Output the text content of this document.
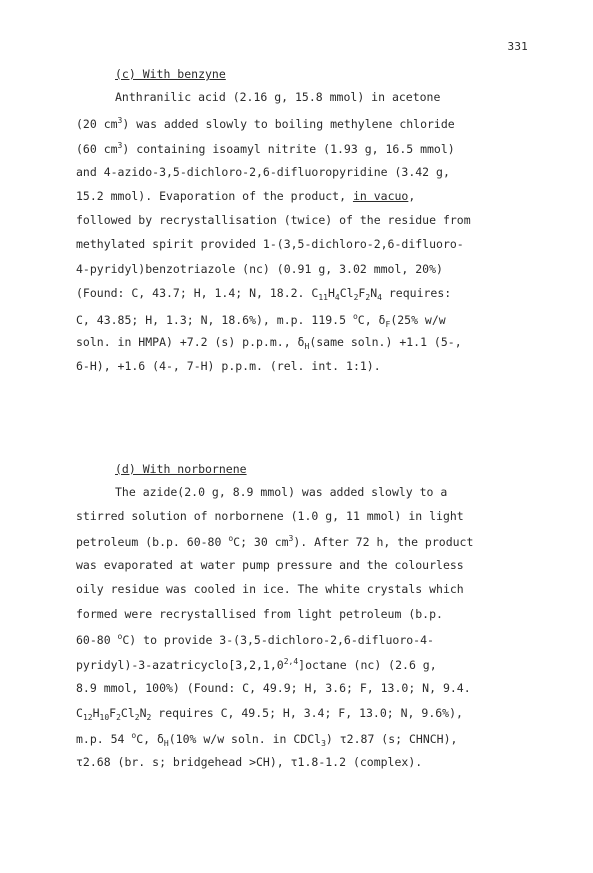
331
(c) With benzyne
Anthranilic acid (2.16 g, 15.8 mmol) in acetone
(20 $cm^3$) was added slowly to boiling methylene chloride
(60 $cm^3$) containing isoamyl nitrite (1.93 g, 16.5 mmol)
and 4-azido-3,5-dichloro-2,6-difluoropyridine (3.42 g,
15.2 mmol). Evaporation of the product, in vacuo,
followed by recrystallisation (twice) of the residue from
methylated spirit provided 1-(3,5-dichloro-2,6-difluoro-
4-pyridyl)benzotriazole (nc) (0.91 g, 3.02 mmol, 20%)
(Found: C, 43.7; H, 1.4; N, 18.2. $C_{11}H_4Cl_2F_2N_4$ requires:
C, 43.85; H, 1.3; N, 18.6%), m.p. 119.5 $^o$C, $\delta_F(25\%$ w/w
soln. in HMPA) +7.2 (s) p.p.m., $\delta_H(same$ soln.) +1.1 (5-,
6-H), +1.6 (4-, 7-H) p.p.m. (rel. int. 1:1).
(d) With norbornene
The azide(2.0 g, 8.9 mmol) was added slowly to a
stirred solution of norbornene (1.0 g, 11 mmol) in light
petroleum (b.p. 60-80 $^o$C; 30 $cm^3$). After 72 h, the product
was evaporated at water pump pressure and the colourless
oily residue was cooled in ice. The white crystals which
formed were recrystallised from light petroleum (b.p.
60-80 $^o$C) to provide 3-(3,5-dichloro-2,6-difluoro-4-
pyridyl)-3-azatricyclo[3,2,1,0$^{2,4}$]octane (nc) (2.6 g,
8.9 mmol, 100%) (Found: C, 49.9; H, 3.6; F, 13.0; N, 9.4.
$C_{12}H_{10}F_2Cl_2N_2$ requires C, 49.5; H, 3.4; F, 13.0; N, 9.6%),
m.p. 54 $^o$C, $\delta_H(10\%$ w/w soln. in CDCl$_3$) τ2.87 (s; CHNCH),
τ2.68 (br. s; bridgehead >CH), τ1.8-1.2 (complex).
